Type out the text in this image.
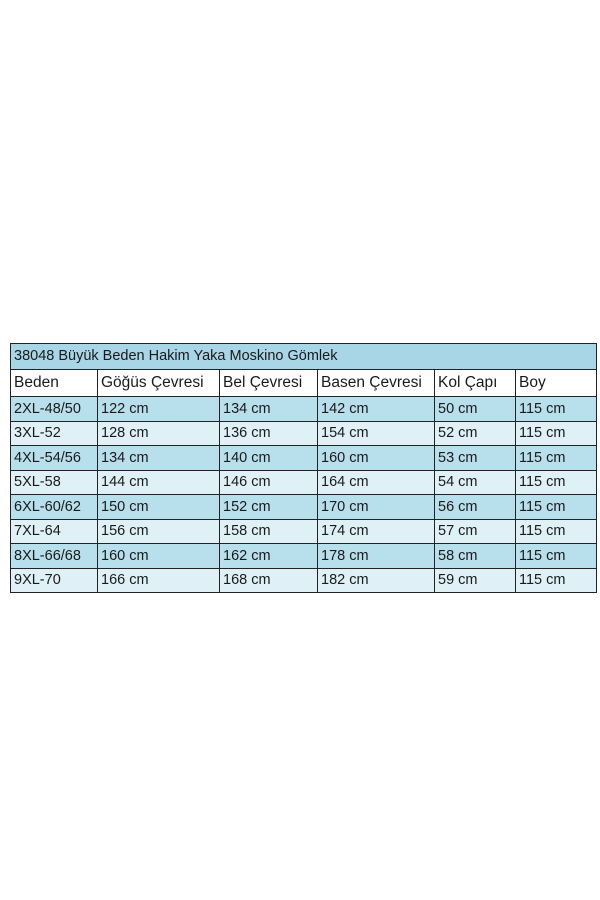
38048 Büyük Beden Hakim Yaka Moskino Gömlek					
Beden	Göğüs Çevresi	Bel Çevresi	Basen Çevresi	Kol Çapı	Boy
2XL-48/50	122 cm	134 cm	142 cm	50 cm	115 cm
3XL-52	128 cm	136 cm	154 cm	52 cm	115 cm
4XL-54/56	134 cm	140 cm	160 cm	53 cm	115 cm
5XL-58	144 cm	146 cm	164 cm	54 cm	115 cm
6XL-60/62	150 cm	152 cm	170 cm	56 cm	115 cm
7XL-64	156 cm	158 cm	174 cm	57 cm	115 cm
8XL-66/68	160 cm	162 cm	178 cm	58 cm	115 cm
9XL-70	166 cm	168 cm	182 cm	59 cm	115 cm
